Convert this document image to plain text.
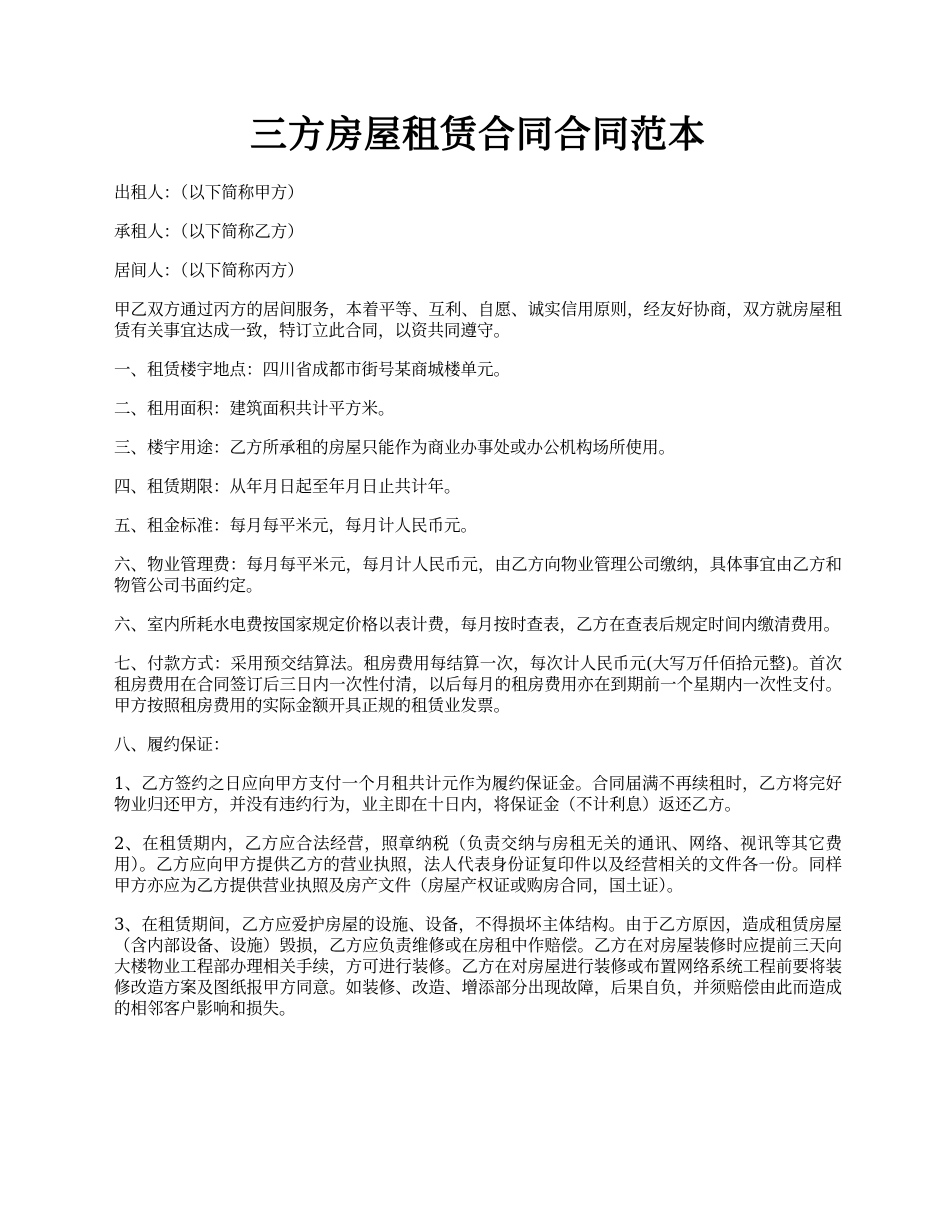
三方房屋租赁合同合同范本

出租人：（以下简称甲方）

承租人：（以下简称乙方）

居间人：（以下简称丙方）

甲乙双方通过丙方的居间服务，本着平等、互利、自愿、诚实信用原则，经友好协商，双方就房屋租赁有关事宜达成一致，特订立此合同，以资共同遵守。

一、租赁楼宇地点：四川省成都市街号某商城楼单元。

二、租用面积：建筑面积共计平方米。

三、楼宇用途：乙方所承租的房屋只能作为商业办事处或办公机构场所使用。

四、租赁期限：从年月日起至年月日止共计年。

五、租金标准：每月每平米元，每月计人民币元。

六、物业管理费：每月每平米元，每月计人民币元，由乙方向物业管理公司缴纳，具体事宜由乙方和物管公司书面约定。

六、室内所耗水电费按国家规定价格以表计费，每月按时查表，乙方在查表后规定时间内缴清费用。

七、付款方式：采用预交结算法。租房费用每结算一次，每次计人民币元(大写万仟佰拾元整)。首次租房费用在合同签订后三日内一次性付清，以后每月的租房费用亦在到期前一个星期内一次性支付。甲方按照租房费用的实际金额开具正规的租赁业发票。

八、履约保证：

1、乙方签约之日应向甲方支付一个月租共计元作为履约保证金。合同届满不再续租时，乙方将完好物业归还甲方，并没有违约行为，业主即在十日内，将保证金（不计利息）返还乙方。

2、在租赁期内，乙方应合法经营，照章纳税（负责交纳与房租无关的通讯、网络、视讯等其它费用）。乙方应向甲方提供乙方的营业执照，法人代表身份证复印件以及经营相关的文件各一份。同样甲方亦应为乙方提供营业执照及房产文件（房屋产权证或购房合同，国土证）。

3、在租赁期间，乙方应爱护房屋的设施、设备，不得损坏主体结构。由于乙方原因，造成租赁房屋（含内部设备、设施）毁损，乙方应负责维修或在房租中作赔偿。乙方在对房屋装修时应提前三天向大楼物业工程部办理相关手续，方可进行装修。乙方在对房屋进行装修或布置网络系统工程前要将装修改造方案及图纸报甲方同意。如装修、改造、增添部分出现故障，后果自负，并须赔偿由此而造成的相邻客户影响和损失。
